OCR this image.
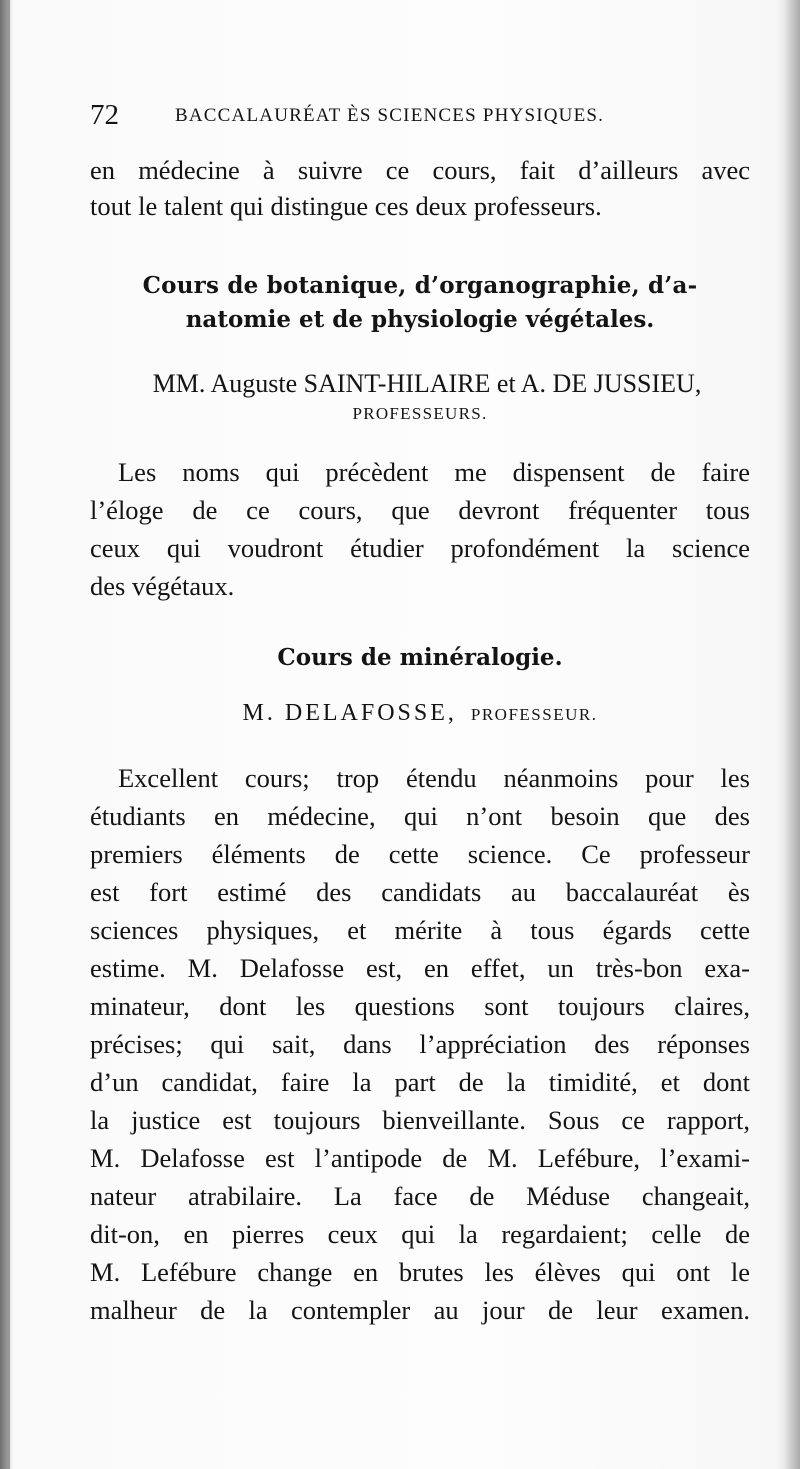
72	BACCALAURÉAT ÈS SCIENCES PHYSIQUES.
en médecine à suivre ce cours, fait d’ailleurs avec
tout le talent qui distingue ces deux professeurs.
Cours de botanique, d’organographie, d’a-
natomie et de physiologie végétales.
MM. Auguste SAINT-HILAIRE et A. DE JUSSIEU,
PROFESSEURS.
Les noms qui précèdent me dispensent de faire
l’éloge de ce cours, que devront fréquenter tous
ceux qui voudront étudier profondément la science
des végétaux.
Cours de minéralogie.
M. DELAFOSSE, PROFESSEUR.
Excellent cours; trop étendu néanmoins pour les
étudiants en médecine, qui n’ont besoin que des
premiers éléments de cette science. Ce professeur
est fort estimé des candidats au baccalauréat ès
sciences physiques, et mérite à tous égards cette
estime. M. Delafosse est, en effet, un très-bon exa-
minateur, dont les questions sont toujours claires,
précises; qui sait, dans l’appréciation des réponses
d’un candidat, faire la part de la timidité, et dont
la justice est toujours bienveillante. Sous ce rapport,
M. Delafosse est l’antipode de M. Lefébure, l’exami-
nateur atrabilaire. La face de Méduse changeait,
dit-on, en pierres ceux qui la regardaient; celle de
M. Lefébure change en brutes les élèves qui ont le
malheur de la contempler au jour de leur examen.
